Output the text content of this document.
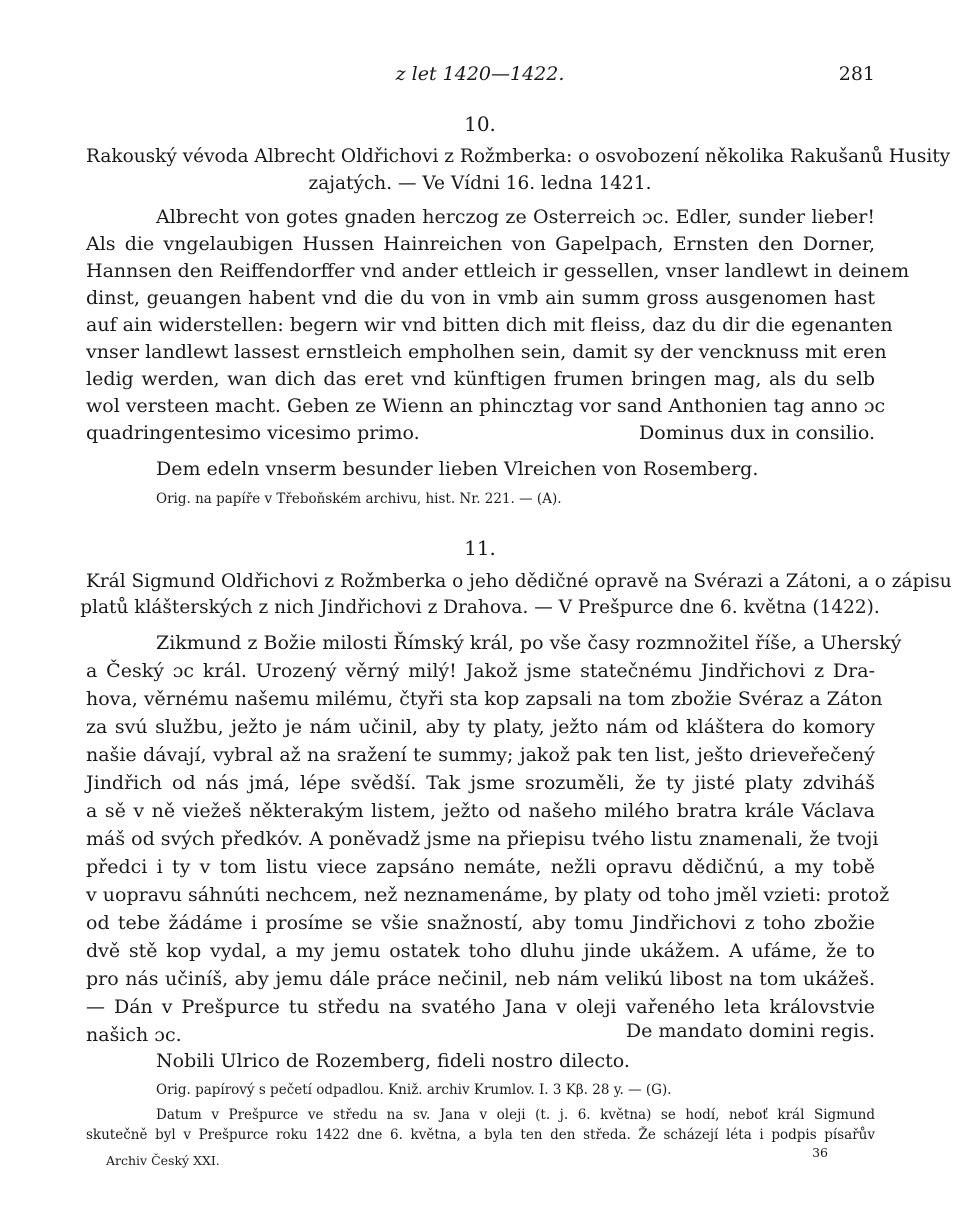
z let 1420—1422.	281
10.
Rakouský vévoda Albrecht Oldřichovi z Rožmberka: o osvobození několika Rakušanů Husity
zajatých. — Ve Vídni 16. ledna 1421.
Albrecht von gotes gnaden herczog ze Osterreich ɔc. Edler, sunder lieber!
Als die vngelaubigen Hussen Hainreichen von Gapelpach, Ernsten den Dorner,
Hannsen den Reiffendorffer vnd ander ettleich ir gessellen, vnser landlewt in deinem
dinst, geuangen habent vnd die du von in vmb ain summ gross ausgenomen hast
auf ain widerstellen: begern wir vnd bitten dich mit fleiss, daz du dir die egenanten
vnser landlewt lassest ernstleich empholhen sein, damit sy der vencknuss mit eren
ledig werden, wan dich das eret vnd künftigen frumen bringen mag, als du selb
wol versteen macht. Geben ze Wienn an phincztag vor sand Anthonien tag anno ɔc
quadringentesimo vicesimo primo.	Dominus dux in consilio.
Dem edeln vnserm besunder lieben Vlreichen von Rosemberg.
Orig. na papíře v Třeboňském archivu, hist. Nr. 221. — (A).
11.
Král Sigmund Oldřichovi z Rožmberka o jeho dědičné opravě na Svérazi a Zátoni, a o zápisu
platů klášterských z nich Jindřichovi z Drahova. — V Prešpurce dne 6. května (1422).
Zikmund z Božie milosti Římský král, po vše časy rozmnožitel říše, a Uherský
a Český ɔc král. Urozený věrný milý! Jakož jsme statečnému Jindřichovi z Dra-
hova, věrnému našemu milému, čtyři sta kop zapsali na tom zbožie Svéraz a Záton
za svú službu, ježto je nám učinil, aby ty platy, ježto nám od kláštera do komory
našie dávají, vybral až na sražení te summy; jakož pak ten list, ješto drieveřečený
Jindřich od nás jmá, lépe svědší. Tak jsme srozuměli, že ty jisté platy zdviháš
a sě v ně viežeš některakým listem, ježto od našeho milého bratra krále Václava
máš od svých předkóv. A poněvadž jsme na přiepisu tvého listu znamenali, že tvoji
předci i ty v tom listu viece zapsáno nemáte, nežli opravu dědičnú, a my tobě
v uopravu sáhnúti nechcem, než neznamenáme, by platy od toho jměl vzieti: protož
od tebe žádáme i prosíme se všie snažností, aby tomu Jindřichovi z toho zbožie
dvě stě kop vydal, a my jemu ostatek toho dluhu jinde ukážem. A ufáme, že to
pro nás učiníš, aby jemu dále práce nečinil, neb nám velikú libost na tom ukážeš.
— Dán v Prešpurce tu středu na svatého Jana v oleji vařeného leta královstvie
našich ɔc.	De mandato domini regis.
Nobili Ulrico de Rozemberg, fideli nostro dilecto.
Orig. papírový s pečetí odpadlou. Kniž. archiv Krumlov. I. 3 Kβ. 28 y. — (G).
Datum v Prešpurce ve středu na sv. Jana v oleji (t. j. 6. května) se hodí, neboť král Sigmund
skutečně byl v Prešpurce roku 1422 dne 6. května, a byla ten den středa. Že scházejí léta i podpis písařův
Archiv Český XXI.
36
